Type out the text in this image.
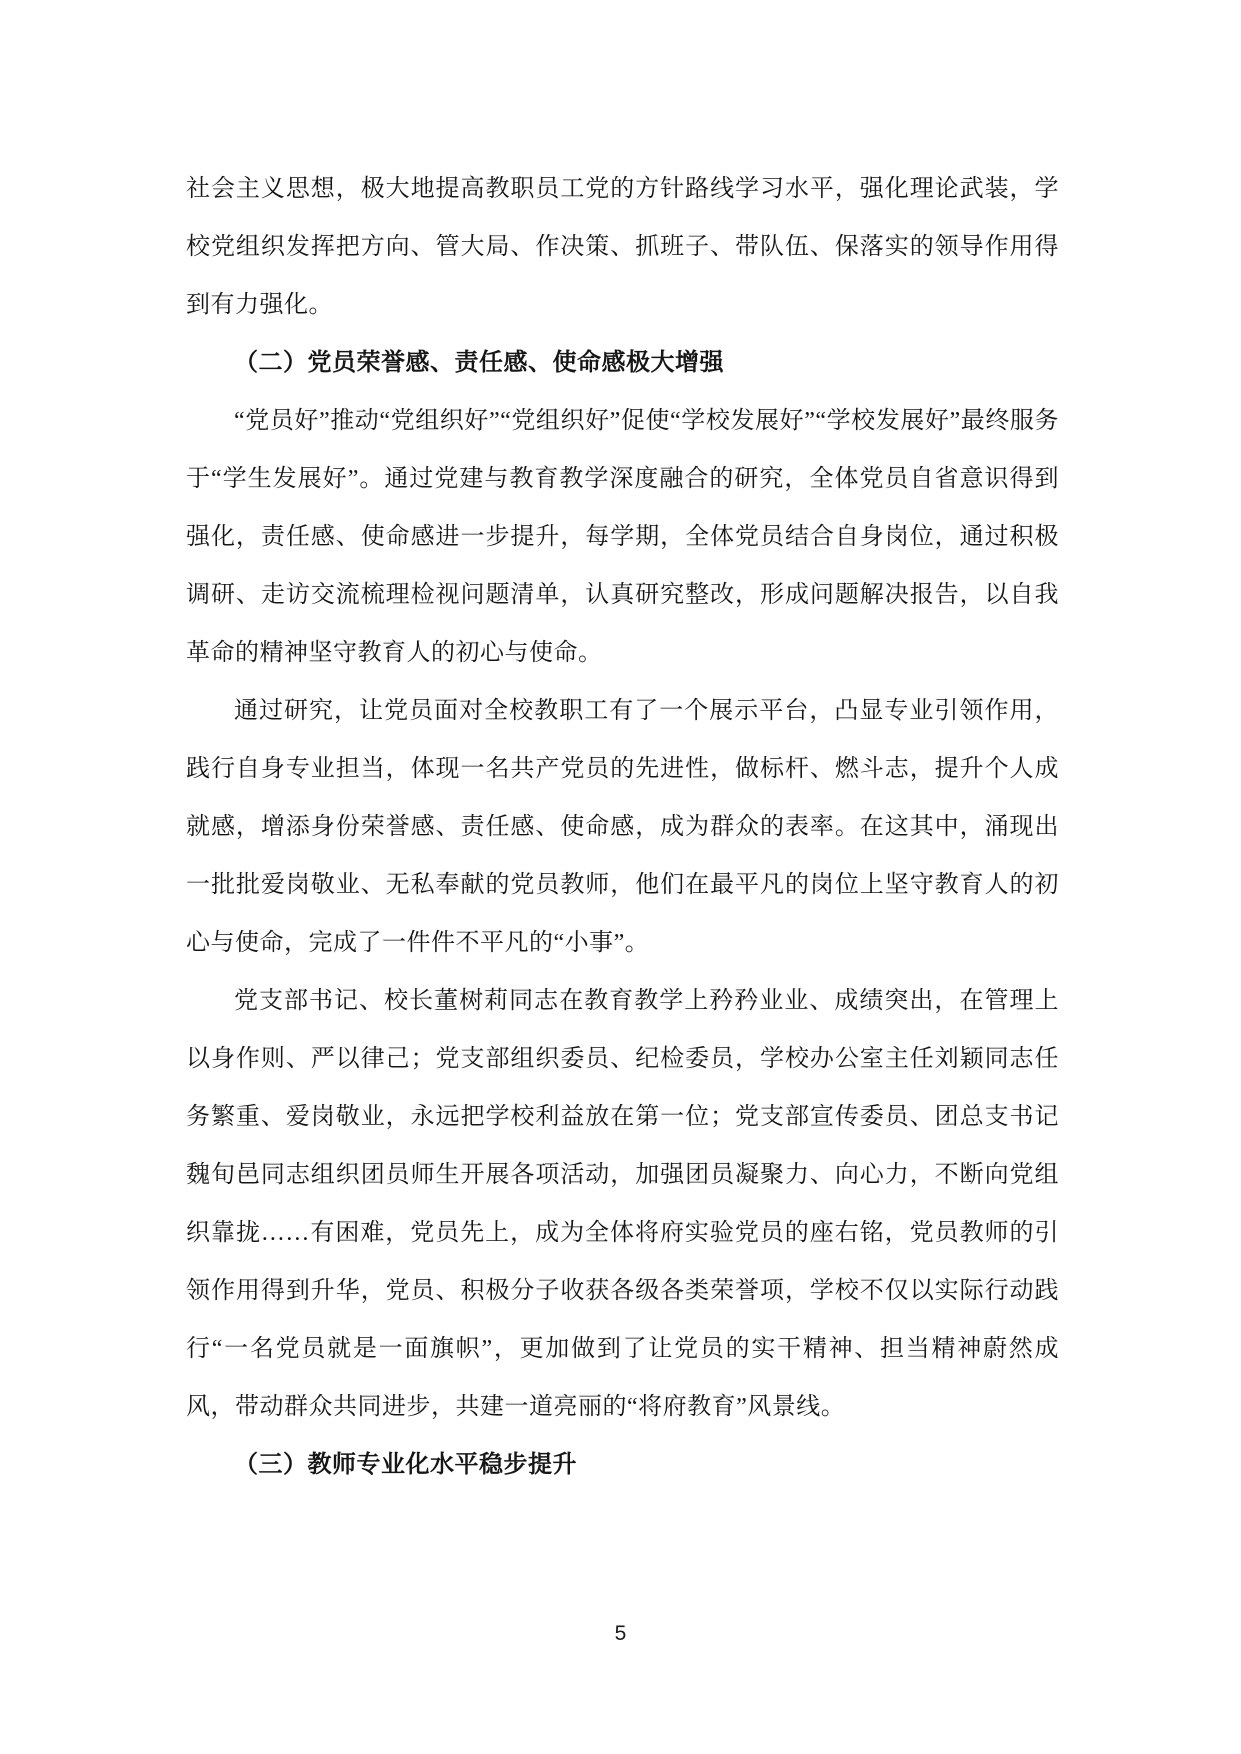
社会主义思想，极大地提高教职员工党的方针路线学习水平，强化理论武装，学校党组织发挥把方向、管大局、作决策、抓班子、带队伍、保落实的领导作用得到有力强化。

（二）党员荣誉感、责任感、使命感极大增强

“党员好”推动“党组织好”“党组织好”促使“学校发展好”“学校发展好”最终服务于“学生发展好”。通过党建与教育教学深度融合的研究，全体党员自省意识得到强化，责任感、使命感进一步提升，每学期，全体党员结合自身岗位，通过积极调研、走访交流梳理检视问题清单，认真研究整改，形成问题解决报告，以自我革命的精神坚守教育人的初心与使命。

通过研究，让党员面对全校教职工有了一个展示平台，凸显专业引领作用，践行自身专业担当，体现一名共产党员的先进性，做标杆、燃斗志，提升个人成就感，增添身份荣誉感、责任感、使命感，成为群众的表率。在这其中，涌现出一批批爱岗敬业、无私奉献的党员教师，他们在最平凡的岗位上坚守教育人的初心与使命，完成了一件件不平凡的“小事”。

党支部书记、校长董树莉同志在教育教学上矜矜业业、成绩突出，在管理上以身作则、严以律己；党支部组织委员、纪检委员，学校办公室主任刘颖同志任务繁重、爱岗敬业，永远把学校利益放在第一位；党支部宣传委员、团总支书记魏旬邑同志组织团员师生开展各项活动，加强团员凝聚力、向心力，不断向党组织靠拢……有困难，党员先上，成为全体将府实验党员的座右铭，党员教师的引领作用得到升华，党员、积极分子收获各级各类荣誉项，学校不仅以实际行动践行“一名党员就是一面旗帜”，更加做到了让党员的实干精神、担当精神蔚然成风，带动群众共同进步，共建一道亮丽的“将府教育”风景线。

（三）教师专业化水平稳步提升
5
